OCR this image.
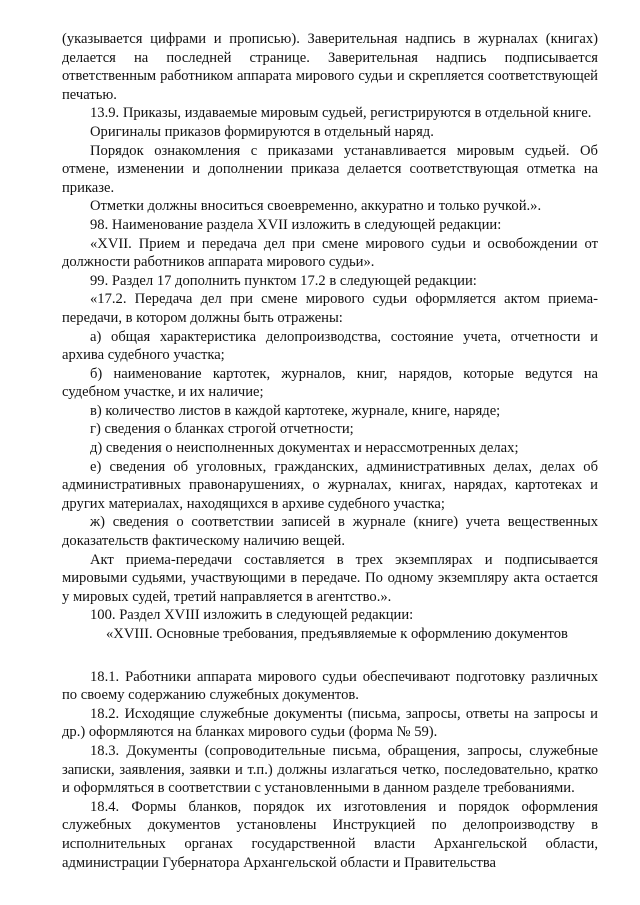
(указывается цифрами и прописью). Заверительная надпись в журналах (книгах) делается на последней странице. Заверительная надпись подписывается ответственным работником аппарата мирового судьи и скрепляется соответствующей печатью.

13.9. Приказы, издаваемые мировым судьей, регистрируются в отдельной книге.

Оригиналы приказов формируются в отдельный наряд.

Порядок ознакомления с приказами устанавливается мировым судьей. Об отмене, изменении и дополнении приказа делается соответствующая отметка на приказе.

Отметки должны вноситься своевременно, аккуратно и только ручкой.».

98. Наименование раздела XVII изложить в следующей редакции:

«XVII. Прием и передача дел при смене мирового судьи и освобождении от должности работников аппарата мирового судьи».

99. Раздел 17 дополнить пунктом 17.2 в следующей редакции:

«17.2. Передача дел при смене мирового судьи оформляется актом приема-передачи, в котором должны быть отражены:

а) общая характеристика делопроизводства, состояние учета, отчетности и архива судебного участка;

б) наименование картотек, журналов, книг, нарядов, которые ведутся на судебном участке, и их наличие;

в) количество листов в каждой картотеке, журнале, книге, наряде;

г) сведения о бланках строгой отчетности;

д) сведения о неисполненных документах и нерассмотренных делах;

е) сведения об уголовных, гражданских, административных делах, делах об административных правонарушениях, о журналах, книгах, нарядах, картотеках и других материалах, находящихся в архиве судебного участка;

ж) сведения о соответствии записей в журнале (книге) учета вещественных доказательств фактическому наличию вещей.

Акт приема-передачи составляется в трех экземплярах и подписывается мировыми судьями, участвующими в передаче. По одному экземпляру акта остается у мировых судей, третий направляется в агентство.».

100. Раздел XVIII изложить в следующей редакции:

«XVIII. Основные требования, предъявляемые к оформлению документов

18.1. Работники аппарата мирового судьи обеспечивают подготовку различных по своему содержанию служебных документов.

18.2. Исходящие служебные документы (письма, запросы, ответы на запросы и др.) оформляются на бланках мирового судьи (форма № 59).

18.3. Документы (сопроводительные письма, обращения, запросы, служебные записки, заявления, заявки и т.п.) должны излагаться четко, последовательно, кратко и оформляться в соответствии с установленными в данном разделе требованиями.

18.4. Формы бланков, порядок их изготовления и порядок оформления служебных документов установлены Инструкцией по делопроизводству в исполнительных органах государственной власти Архангельской области, администрации Губернатора Архангельской области и Правительства
